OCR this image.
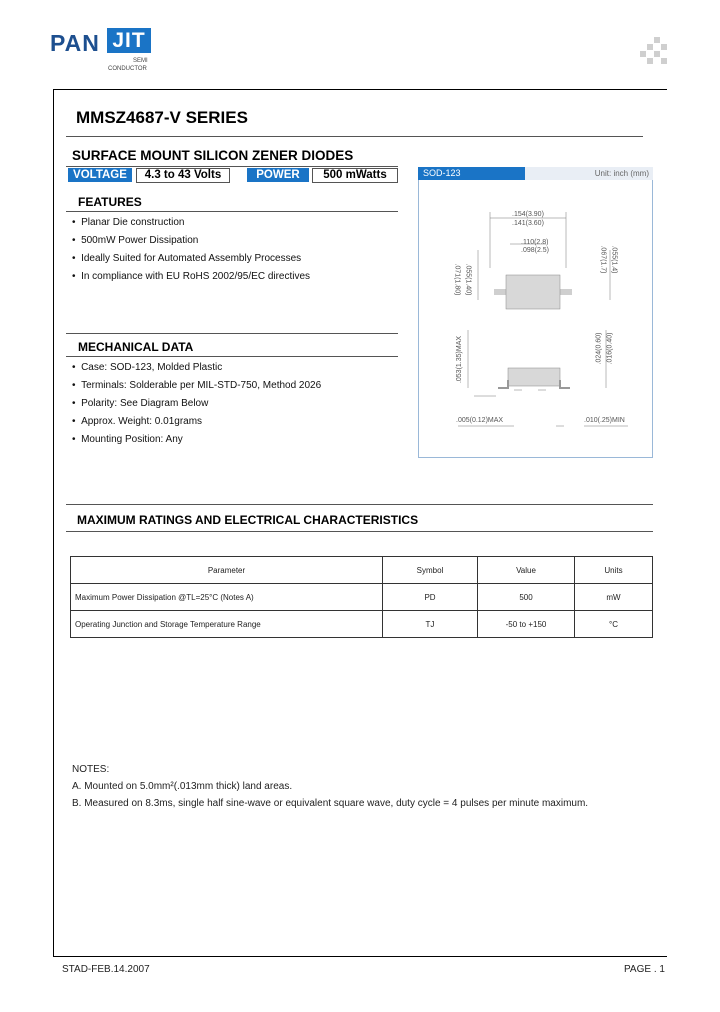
PAN JIT
SEMI
CONDUCTOR
MMSZ4687-V SERIES
SURFACE MOUNT SILICON ZENER DIODES
VOLTAGE	4.3 to 43 Volts	POWER	500 mWatts
FEATURES
•  Planar Die construction
•  500mW Power Dissipation
•  Ideally Suited for Automated Assembly Processes
•  In compliance with EU RoHS 2002/95/EC directives
MECHANICAL DATA
•  Case: SOD-123, Molded Plastic
•  Terminals: Solderable per MIL-STD-750, Method 2026
•  Polarity: See Diagram Below
•  Approx. Weight: 0.01grams
•  Mounting Position: Any
SOD-123	Unit: inch (mm)
.154(3.90)
.141(3.60)
.110(2.8)
.098(2.5)
.071(1.80) .055(1.40)
.067(1.7) .055(1.4)
.053(1.35)MAX	.024(0.60) .016(0.40)
.005(0.12)MAX	.010(.25)MIN
MAXIMUM RATINGS AND ELECTRICAL CHARACTERISTICS
Parameter	Symbol	Value	Units
Maximum Power Dissipation @TL=25°C (Notes A)	PD	500	mW
Operating Junction and Storage Temperature Range	TJ	-50 to +150	°C
NOTES:
A. Mounted on 5.0mm²(.013mm thick) land areas.
B. Measured on 8.3ms, single half sine-wave or equivalent square wave, duty cycle = 4 pulses per minute maximum.
STAD-FEB.14.2007	PAGE . 1
